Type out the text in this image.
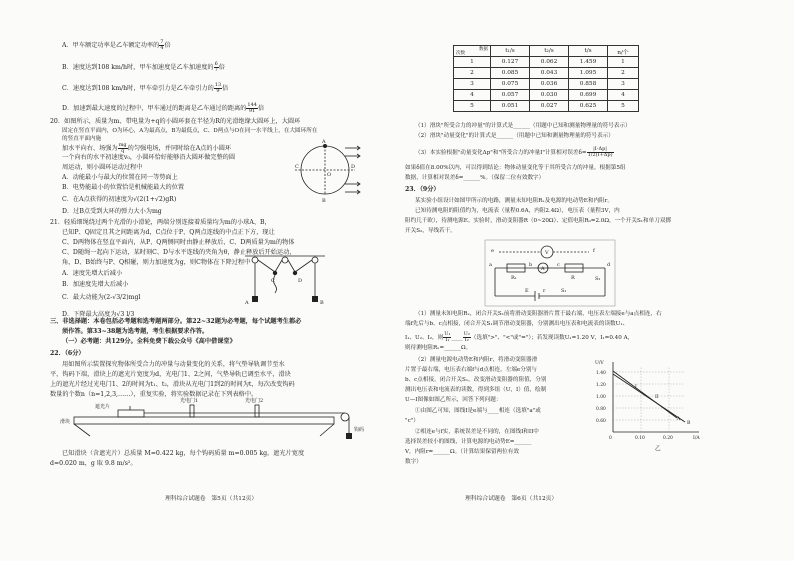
A．甲车额定功率是乙车额定功率的 $\frac{7}{4}$ 倍
B．速度达到108 km/h时，甲车加速度是乙车加速度的 $\frac{6}{7}$ 倍
C．速度达到108 km/h时，甲车牵引力是乙车牵引力的 $\frac{13}{9}$ 倍
D．加速到最大速度的过程中，甲车通过的距离是乙车通过的距离的 $\frac{144}{91}$ 倍
20．如图所示，质量为m、带电量为+q的小圆环套在半径为R的光滑绝缘大圆环上，大圆环
固定在竖直平面内，O为环心，A为最高点，B为最低点，C、D两点与O在同一水平线上，在大圆环所在的竖直平面内施
加水平向右、场强为 $\frac{mg}{q}$ 的匀强电场，并同时给在A点的小圆环
一个向右的水平初速度v₀，小圆环恰好能够沿大圆环做完整的圆
周运动，则小圆环运动过程中
A．动能最小与最大的位置在同一等势面上
B．电势能最小的位置恰是机械能最大的位置
C．在A点获得的初速度为√(2(1+√2)gR)
D．过B点受到大环的弹力大小为mg
A
B
C	D
O
21．轻质细绳绕过两个光滑的小滑轮，两端分别连接着质量均为m的小球A、B，
已知P、Q固定且其之间距离为d，C点位于P、Q两点连线的中点正下方，现让
C、D两物体在竖直平面内，从P、Q两侧同时由静止释放后，C、D两质量为m的物体
C、D随绳一起向下运动，某时刻C、D与水平连线的夹角为θ，静止释放后开始运动，
角，D、B始终与P、Q相碰，则力加速度为g，则C物体在下降过程中
A．速度先增大后减小
B．加速度先增大后减小
C．最大动能为(2-√3/2)mgl
D．下降最大高度为√3 l/3
A	B
C	D
三、非选择题：本卷包括必考题和选考题两部分。第22~32题为必考题，每个试题考生都必
须作答。第33~38题为选考题，考生根据要求作答。
（一）必考题：共129分。全科免费下载公众号《高中借课堂》
22．（6分）
用如图所示装置探究物体所受合力的冲量与动量变化的关系，将气垫导轨调节至水
平，钩码下端，滑块上的遮光片宽度为d，光电门1、2之间，气垫导轨已调至水平，滑块
上的遮光片经过光电门1、2的时间为t₁、t₂，滑块从光电门1到2的时间为t，每次改变钩码
数量的个数n（n=1,2,3,……），重复实验，将实验数据记录在下列表格中。
遮光片
光电门1	光电门2
滑块
钩码
已知滑块（含遮光片）总质量 M=0.422 kg，每个钩码质量 m=0.005 kg，遮光片宽度
d=0.020 m，g 取 9.8 m/s²。
理科综合试题卷　第5页（共12页）
数据
次数	t₁/s	t₂/s	t/s	n/个
1	0.127	0.062	1.459	1
2	0.085	0.043	1.095	2
3	0.075	0.036	0.858	3
4	0.057	0.030	0.699	4
5	0.051	0.027	0.625	5
（1）滑块"所受合力的冲量"的计算式是______（用题中已知和测量物理量的符号表示）
（2）滑块"动量变化"的计算式是______（用题中已知和测量物理量的符号表示）
（3）本实验根据"动量变化Δp"和"所受合力的冲量I"计算相对误差$\delta= \frac{|I-\Delta p|}{1/2(I+\Delta p)}$
如果δ值在8.00%以内，可以得到结论：物体动量变化等于其所受合力的冲量。根据第5组
数据，计算相对误差δ=______%。（保留二位有效数字）
23．（9分）
某实验小组设计如图甲所示的电路，测量未知电阻Rₓ及电源的电动势E和内阻r。
已知待测电阻的阻值约为，电流表（量程0.6A，内阻2.4Ω），电压表（量程3V，内
阻约几千欧），待测电源E。实验时，滑动变阻器R（0~20Ω）、定值电阻R₀=2.0Ω，一个开关S₁和单刀双掷
开关S₂，导线若干。
V
A
a	b	c
e	f
R₁	R
E	r	S₁
S₂
d
（1）测量未知电阻Rₓ，闭合开关S₁前将滑动变阻器滑片置于最右端，电压表左端接e与a点相连，右
端f先后与b、c点相接，闭合开关S₁调节滑动变阻器，分别测出电压表和电流表的读数U₁、
I₁、U₂、I₂，则 $\frac{\text{U₁}}{\text{I₁}}$ ____ $\frac{\text{U₂}}{\text{I₂}}$ （选填">"、"<"或"="）；若发现读数U₁=1.20 V，I₁=0.40 A，
则待测电阻Rₓ=______Ω。
（2）测量电源电动势E和内阻r，将滑动变阻器滑
片置于最右端，电压表右端f与d点相连，左端e分别与
b、c点相接，闭合开关S₁，改变滑动变阻器的阻值，分别
测出电压表和电流表的读数，得到多组（U，I）值，绘制
U—I图像如图乙所示，回答下列问题：
①由图乙可知，图线I是e端与____相连（选填"a"或
"c"）
②相连e与f实，系统误差是不同的，在图线I和II中
选择误差较小的图线，计算电源的电动势E=______
V，内阻r=______Ω。（计算结果保留两位有效
数字）
U/V
I/A
1.40
1.20
1.00
0.80
0.60
0	0.10	0.20
I
II
A
B
乙
理科综合试题卷　第6页（共12页）
